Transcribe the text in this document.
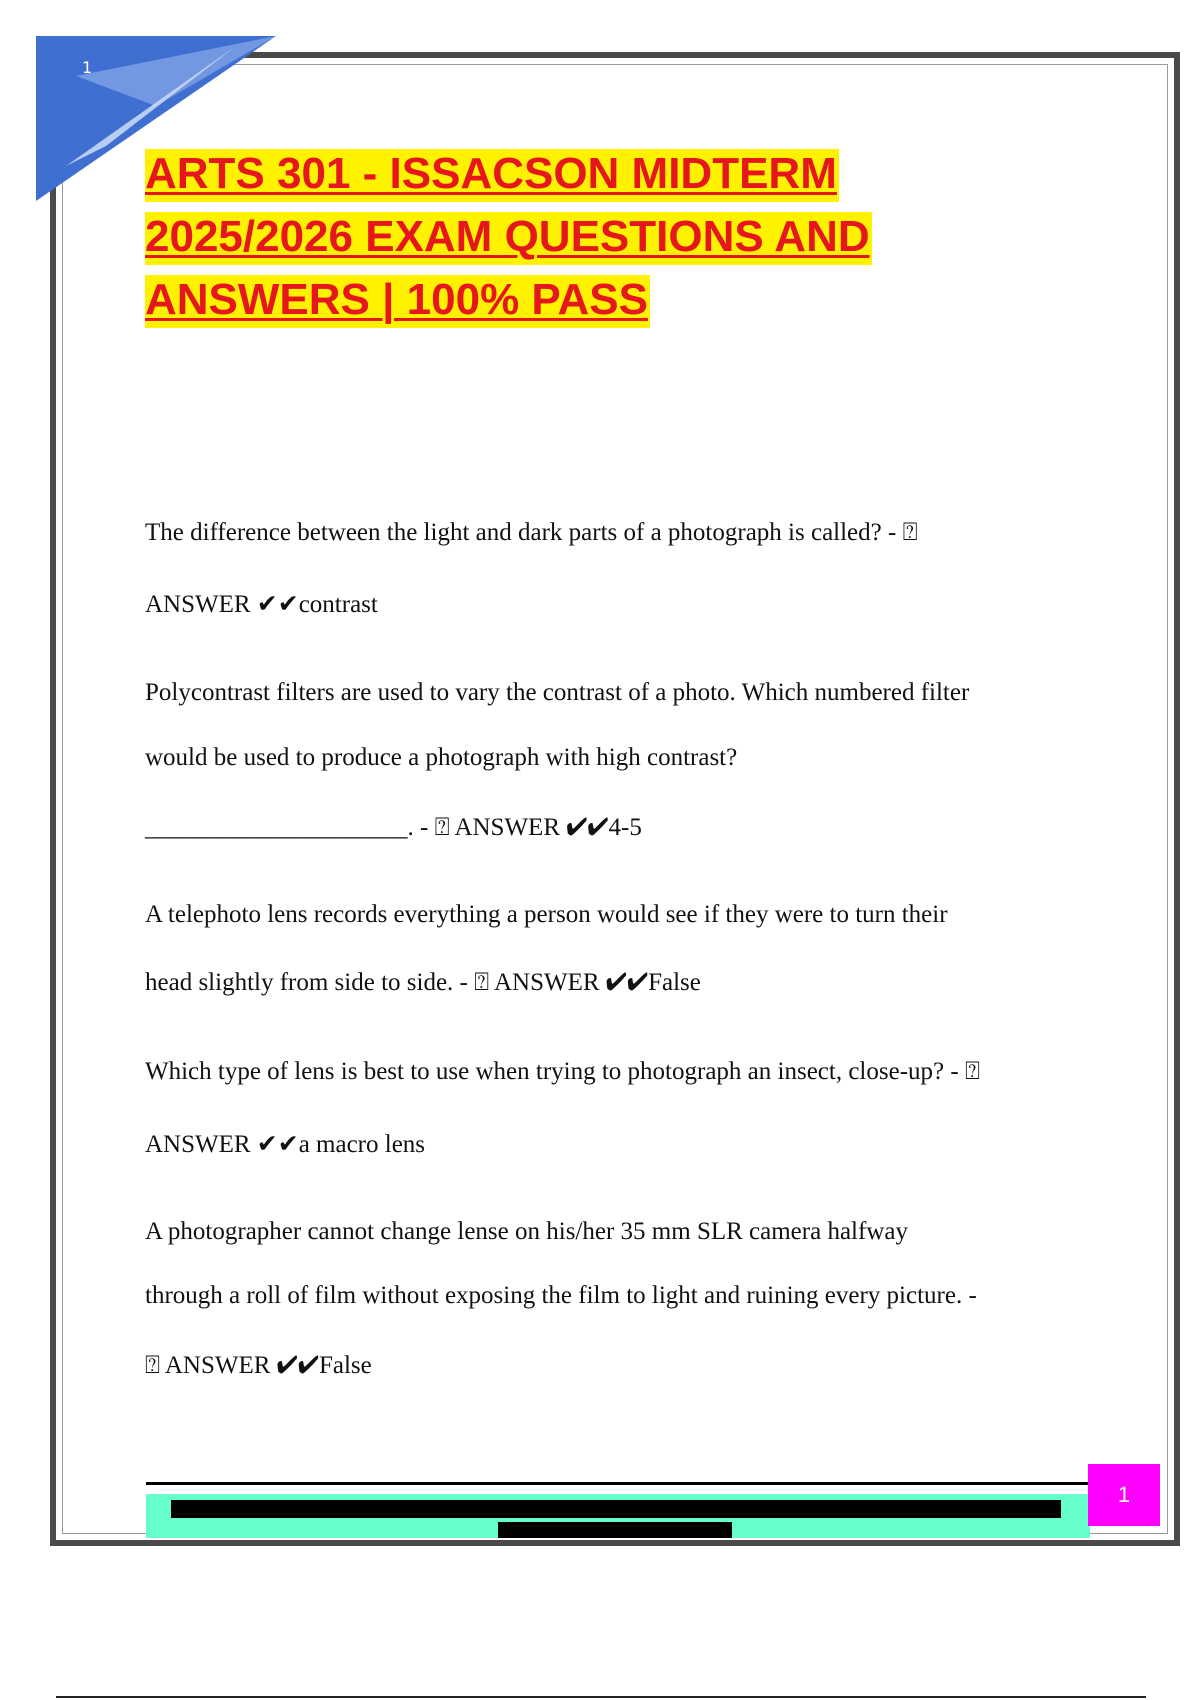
1
ARTS 301 - ISSACSON MIDTERM
2025/2026 EXAM QUESTIONS AND
ANSWERS | 100% PASS

The difference between the light and dark parts of a photograph is called? - ⍰

ANSWER ✔✔contrast

Polycontrast filters are used to vary the contrast of a photo. Which numbered filter

would be used to produce a photograph with high contrast?

_____________________. - ⍰ ANSWER ✔✔4-5

A telephoto lens records everything a person would see if they were to turn their

head slightly from side to side. - ⍰ ANSWER ✔✔False

Which type of lens is best to use when trying to photograph an insect, close-up? - ⍰

ANSWER ✔✔a macro lens

A photographer cannot change lense on his/her 35 mm SLR camera halfway

through a roll of film without exposing the film to light and ruining every picture. -

⍰ ANSWER ✔✔False

1
